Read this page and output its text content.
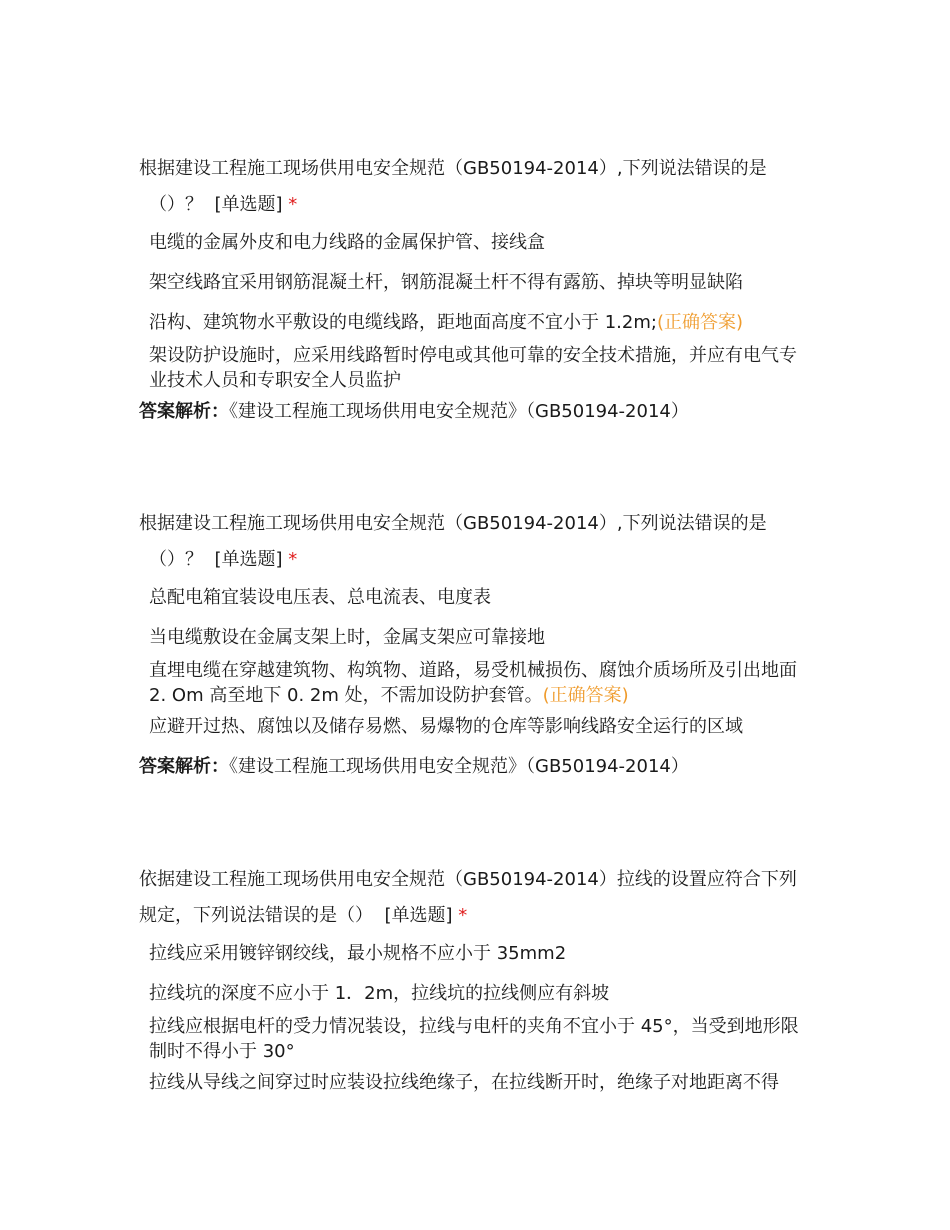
根据建设工程施工现场供用电安全规范（GB50194-2014）,下列说法错误的是
（）？ [单选题] *

电缆的金属外皮和电力线路的金属保护管、接线盒
架空线路宜采用钢筋混凝土杆，钢筋混凝土杆不得有露筋、掉块等明显缺陷
沿构、建筑物水平敷设的电缆线路，距地面高度不宜小于 1.2m;(正确答案)
架设防护设施时，应采用线路暂时停电或其他可靠的安全技术措施，并应有电气专业技术人员和专职安全人员监护

答案解析：《建设工程施工现场供用电安全规范》（GB50194-2014）

根据建设工程施工现场供用电安全规范（GB50194-2014）,下列说法错误的是
（）？ [单选题] *

总配电箱宜装设电压表、总电流表、电度表
当电缆敷设在金属支架上时，金属支架应可靠接地
直埋电缆在穿越建筑物、构筑物、道路，易受机械损伤、腐蚀介质场所及引出地面 2. Om 高至地下 0. 2m 处，不需加设防护套管。(正确答案)
应避开过热、腐蚀以及储存易燃、易爆物的仓库等影响线路安全运行的区域

答案解析：《建设工程施工现场供用电安全规范》（GB50194-2014）

依据建设工程施工现场供用电安全规范（GB50194-2014）拉线的设置应符合下列
规定，下列说法错误的是（） [单选题] *

拉线应采用镀锌钢绞线，最小规格不应小于 35mm2
拉线坑的深度不应小于 1．2m，拉线坑的拉线侧应有斜坡
拉线应根据电杆的受力情况装设，拉线与电杆的夹角不宜小于 45°，当受到地形限制时不得小于 30°
拉线从导线之间穿过时应装设拉线绝缘子，在拉线断开时，绝缘子对地距离不得
